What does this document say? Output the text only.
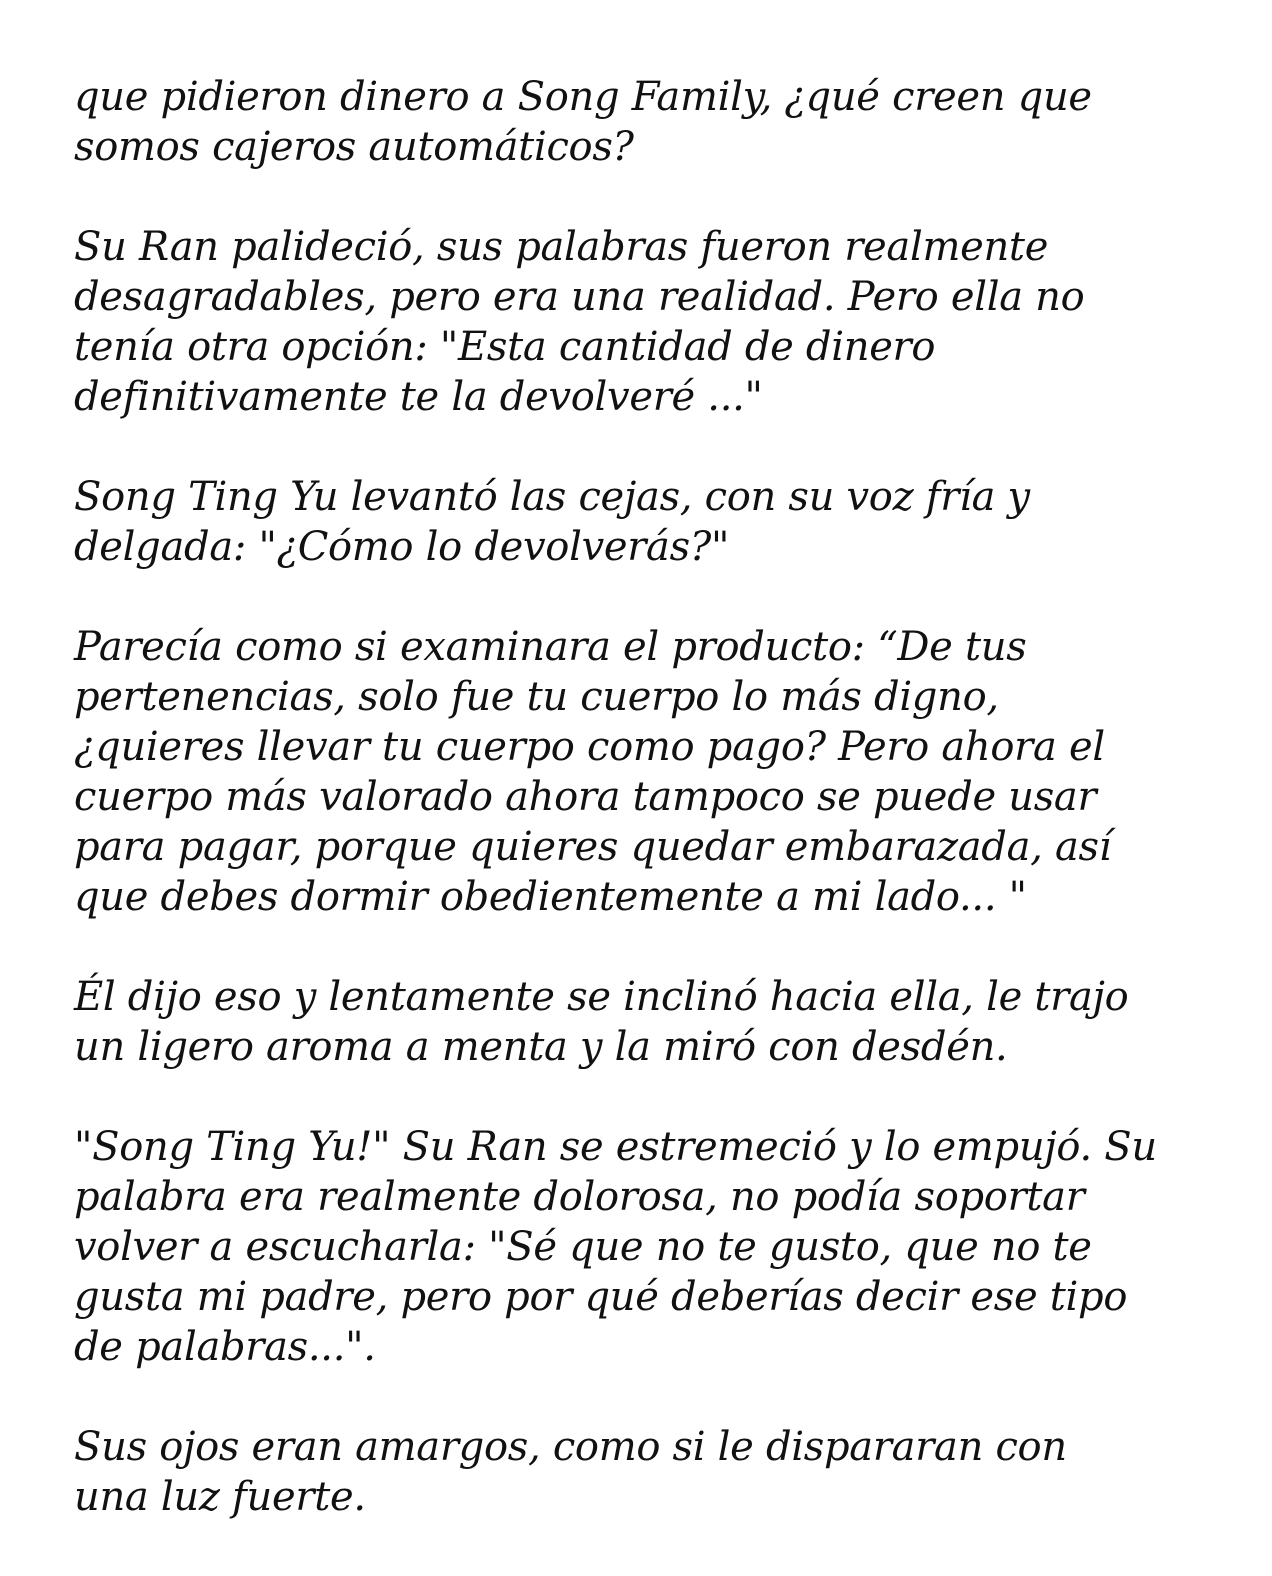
que pidieron dinero a Song Family, ¿qué creen que
somos cajeros automáticos?

Su Ran palideció, sus palabras fueron realmente
desagradables, pero era una realidad. Pero ella no
tenía otra opción: "Esta cantidad de dinero
definitivamente te la devolveré ..."

Song Ting Yu levantó las cejas, con su voz fría y
delgada: "¿Cómo lo devolverás?"

Parecía como si examinara el producto: “De tus
pertenencias, solo fue tu cuerpo lo más digno,
¿quieres llevar tu cuerpo como pago? Pero ahora el
cuerpo más valorado ahora tampoco se puede usar
para pagar, porque quieres quedar embarazada, así
que debes dormir obedientemente a mi lado... "

Él dijo eso y lentamente se inclinó hacia ella, le trajo
un ligero aroma a menta y la miró con desdén.

"Song Ting Yu!" Su Ran se estremeció y lo empujó. Su
palabra era realmente dolorosa, no podía soportar
volver a escucharla: "Sé que no te gusto, que no te
gusta mi padre, pero por qué deberías decir ese tipo
de palabras...".

Sus ojos eran amargos, como si le dispararan con
una luz fuerte.
